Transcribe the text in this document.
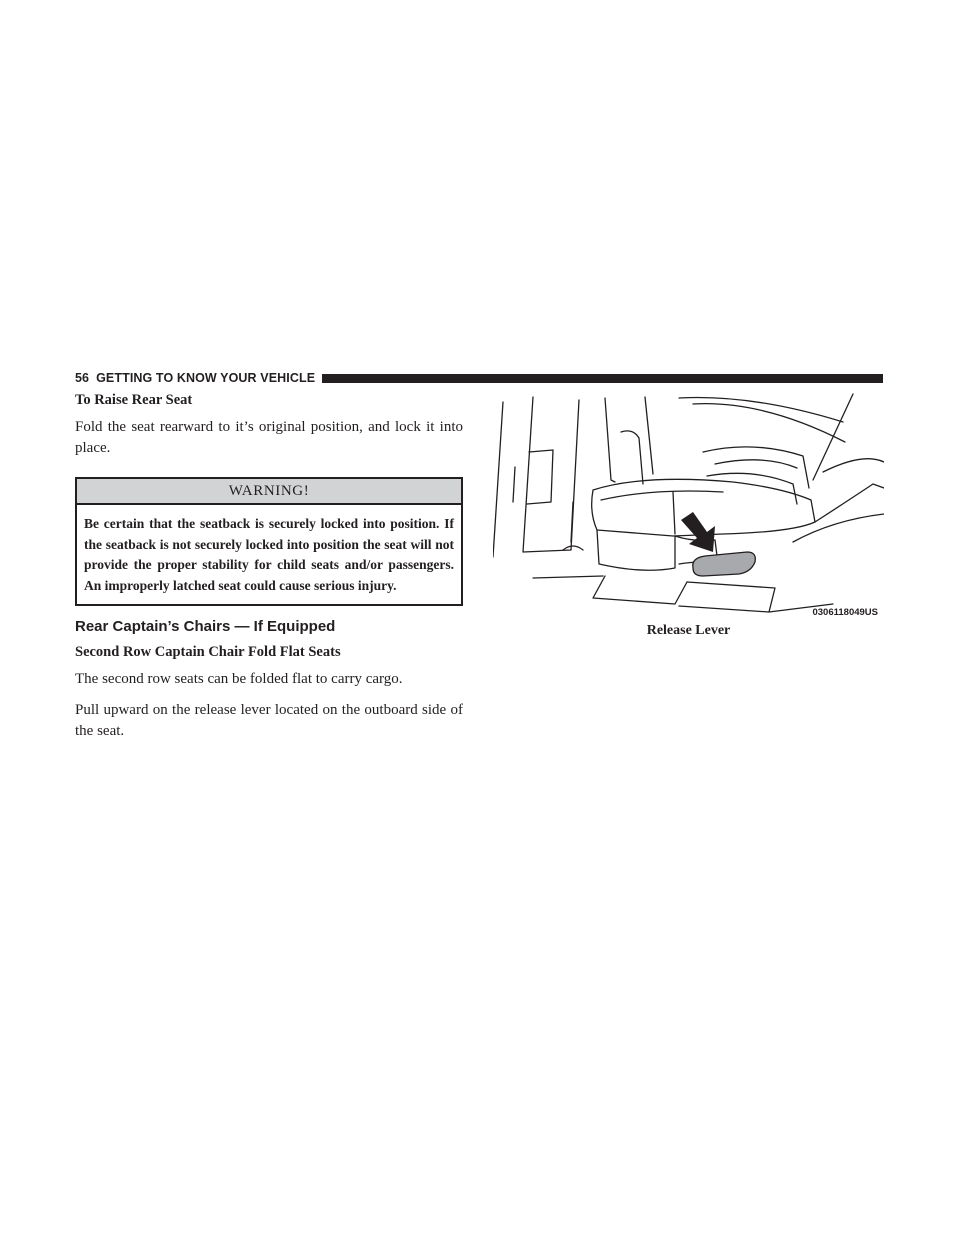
56 GETTING TO KNOW YOUR VEHICLE
To Raise Rear Seat

Fold the seat rearward to it’s original position, and lock it into place.

WARNING!
Be certain that the seatback is securely locked into position. If the seatback is not securely locked into position the seat will not provide the proper stability for child seats and/or passengers. An improperly latched seat could cause serious injury.
Rear Captain’s Chairs — If Equipped
Second Row Captain Chair Fold Flat Seats

The second row seats can be folded flat to carry cargo.

Pull upward on the release lever located on the outboard side of the seat.

0306118049US
Release Lever
